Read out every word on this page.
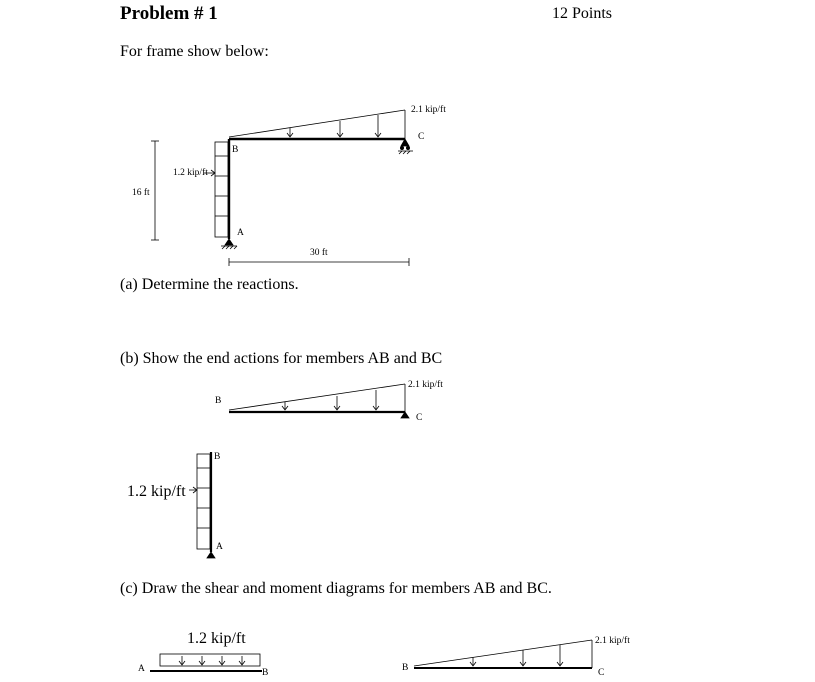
Problem # 1	12 Points
For frame show below:
2.1 kip/ft
C
B
1.2 kip/ft
16 ft
A
30 ft
(a) Determine the reactions.
(b) Show the end actions for members AB and BC
2.1 kip/ft
B
C
B
1.2 kip/ft
A
(c) Draw the shear and moment diagrams for members AB and BC.
1.2 kip/ft
A	B	B
2.1 kip/ft
C
